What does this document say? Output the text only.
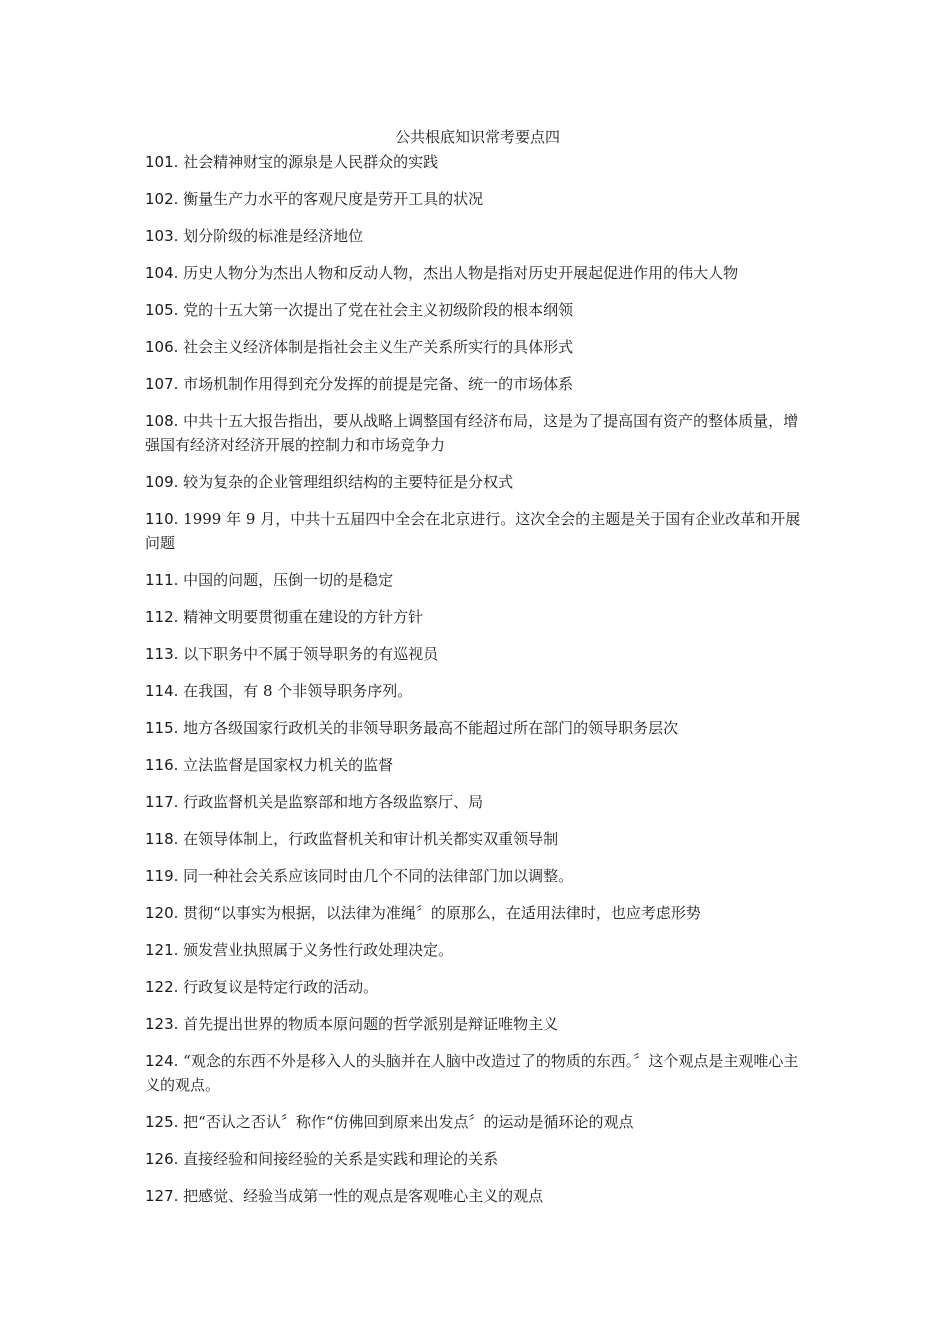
公共根底知识常考要点四
101. 社会精神财宝的源泉是人民群众的实践
102. 衡量生产力水平的客观尺度是劳开工具的状况
103. 划分阶级的标准是经济地位
104. 历史人物分为杰出人物和反动人物，杰出人物是指对历史开展起促进作用的伟大人物
105. 党的十五大第一次提出了党在社会主义初级阶段的根本纲领
106. 社会主义经济体制是指社会主义生产关系所实行的具体形式
107. 市场机制作用得到充分发挥的前提是完备、统一的市场体系
108. 中共十五大报告指出，要从战略上调整国有经济布局，这是为了提高国有资产的整体质量，增强国有经济对经济开展的控制力和市场竞争力
109. 较为复杂的企业管理组织结构的主要特征是分权式
110. 1999 年 9 月，中共十五届四中全会在北京进行。这次全会的主题是关于国有企业改革和开展问题
111. 中国的问题，压倒一切的是稳定
112. 精神文明要贯彻重在建设的方针方针
113. 以下职务中不属于领导职务的有巡视员
114. 在我国，有 8 个非领导职务序列。
115. 地方各级国家行政机关的非领导职务最高不能超过所在部门的领导职务层次
116. 立法监督是国家权力机关的监督
117. 行政监督机关是监察部和地方各级监察厅、局
118. 在领导体制上，行政监督机关和审计机关都实双重领导制
119. 同一种社会关系应该同时由几个不同的法律部门加以调整。
120. 贯彻“以事实为根据，以法律为准绳〞的原那么，在适用法律时，也应考虑形势
121. 颁发营业执照属于义务性行政处理决定。
122. 行政复议是特定行政的活动。
123. 首先提出世界的物质本原问题的哲学派别是辩证唯物主义
124. “观念的东西不外是移入人的头脑并在人脑中改造过了的物质的东西。〞这个观点是主观唯心主义的观点。
125. 把“否认之否认〞称作“仿佛回到原来出发点〞的运动是循环论的观点
126. 直接经验和间接经验的关系是实践和理论的关系
127. 把感觉、经验当成第一性的观点是客观唯心主义的观点
